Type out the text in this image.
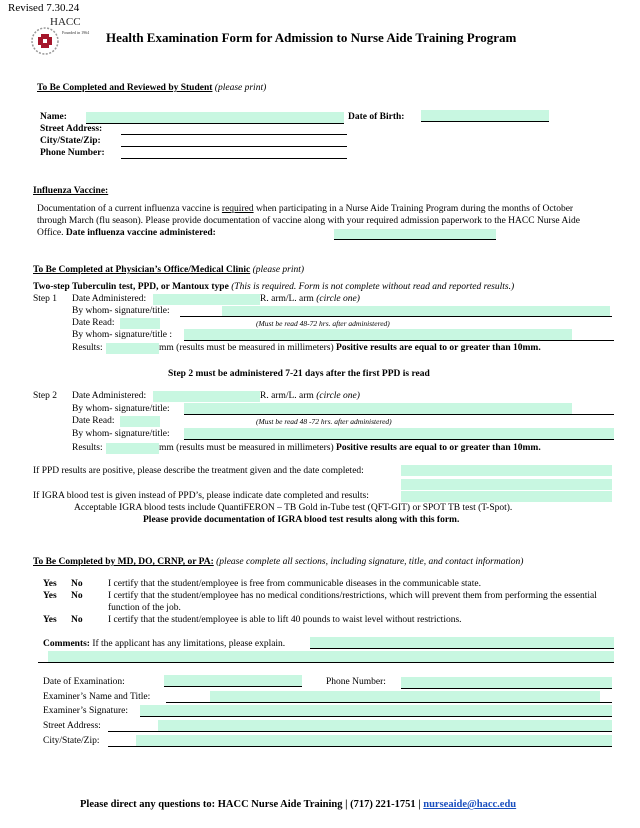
Revised 7.30.24
HACC
Founded in 1964 Health Examination Form for Admission to Nurse Aide Training Program
To Be Completed and Reviewed by Student (please print)
Name:	Date of Birth:
Street Address:
City/State/Zip:
Phone Number:
Influenza Vaccine:
Documentation of a current influenza vaccine is required when participating in a Nurse Aide Training Program during the months of October through March (flu season). Please provide documentation of vaccine along with your required admission paperwork to the HACC Nurse Aide Office. Date influenza vaccine administered:
To Be Completed at Physician’s Office/Medical Clinic (please print)
Two-step Tuberculin test, PPD, or Mantoux type (This is required. Form is not complete without read and reported results.)
Step 1 Date Administered:	R. arm/L. arm (circle one)
By whom- signature/title:
Date Read:	(Must be read 48-72 hrs. after administered)
By whom- signature/title :
Results:	mm (results must be measured in millimeters) Positive results are equal to or greater than 10mm.
Step 2 must be administered 7-21 days after the first PPD is read
Step 2 Date Administered:	R. arm/L. arm (circle one)
By whom- signature/title:
Date Read:	(Must be read 48 -72 hrs. after administered)
By whom- signature/title:
Results:	mm (results must be measured in millimeters) Positive results are equal to or greater than 10mm.
If PPD results are positive, please describe the treatment given and the date completed:
If IGRA blood test is given instead of PPD’s, please indicate date completed and results:
Acceptable IGRA blood tests include QuantiFERON – TB Gold in-Tube test (QFT-GIT) or SPOT TB test (T-Spot).
Please provide documentation of IGRA blood test results along with this form.
To Be Completed by MD, DO, CRNP, or PA: (please complete all sections, including signature, title, and contact information)
Yes No	I certify that the student/employee is free from communicable diseases in the communicable state.
Yes No	I certify that the student/employee has no medical conditions/restrictions, which will prevent them from performing the essential function of the job.
Yes No	I certify that the student/employee is able to lift 40 pounds to waist level without restrictions.
Comments: If the applicant has any limitations, please explain.
Date of Examination:	Phone Number:
Examiner’s Name and Title:
Examiner’s Signature:
Street Address:
City/State/Zip:
Please direct any questions to: HACC Nurse Aide Training | (717) 221-1751 | nurseaide@hacc.edu
